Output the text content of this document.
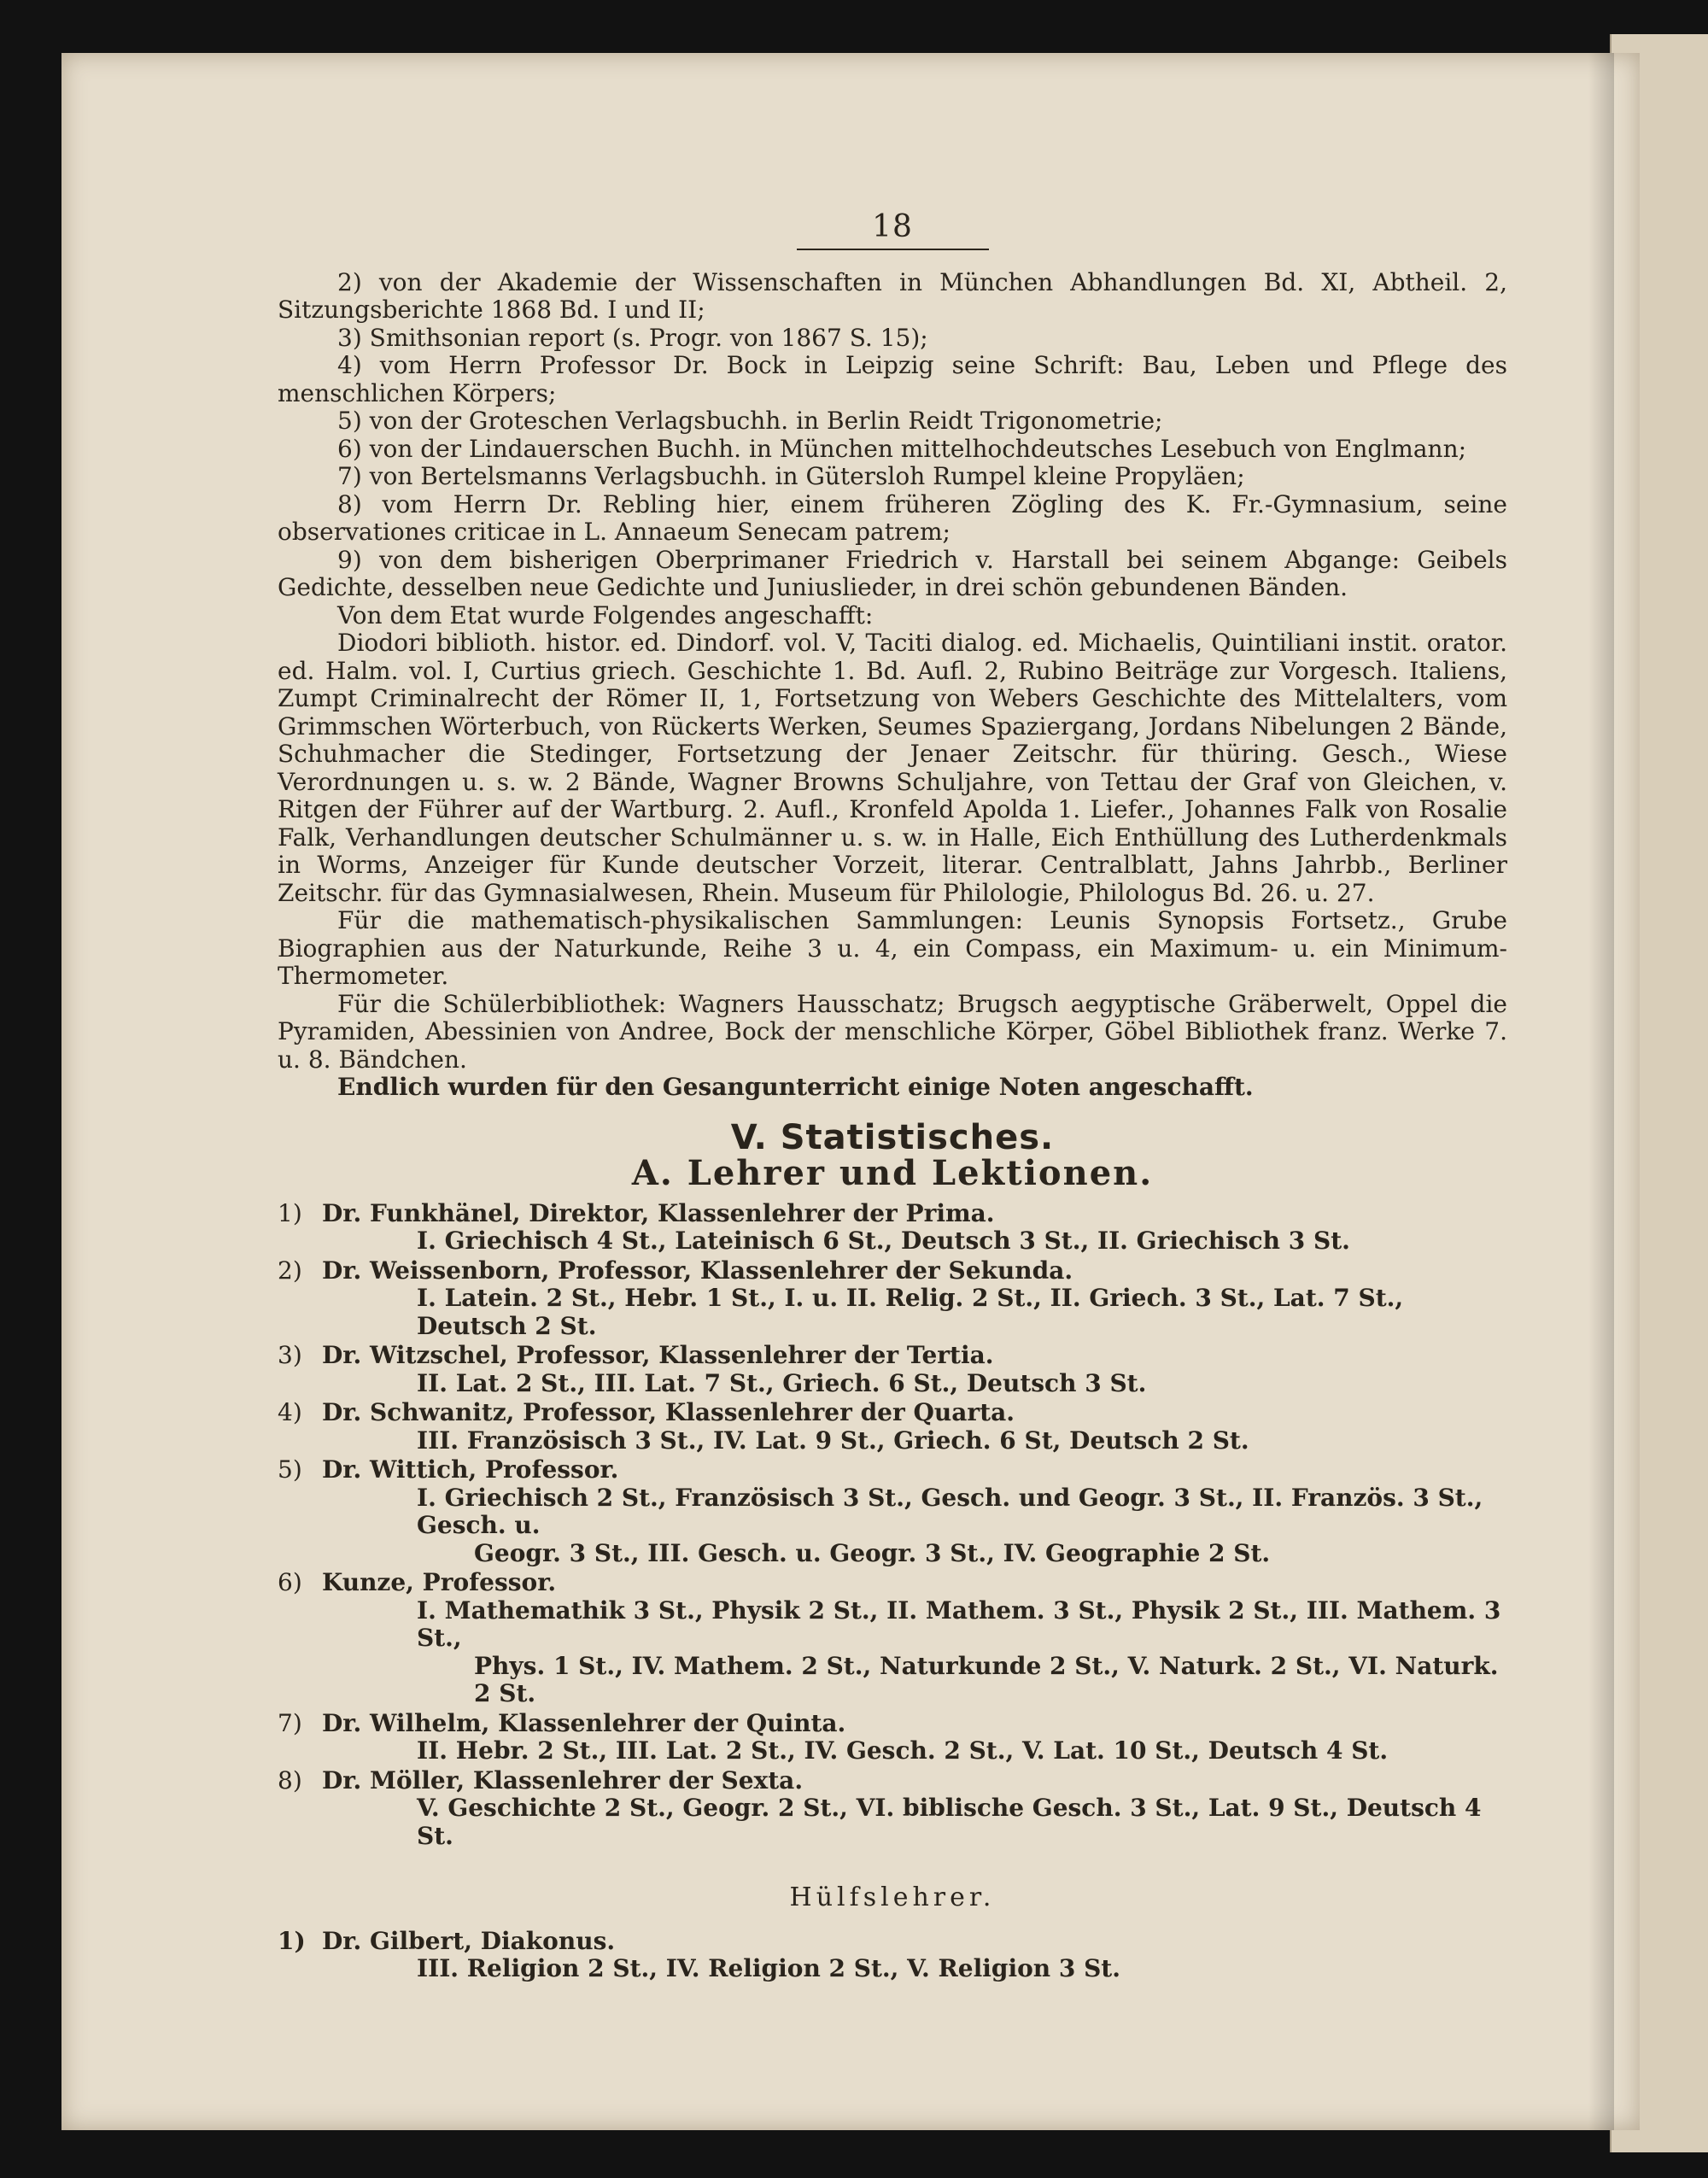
18

2) von der Akademie der Wissenschaften in München Abhandlungen Bd. XI, Abtheil. 2, Sitzungsberichte 1868 Bd. I und II;

3) Smithsonian report (s. Progr. von 1867 S. 15);

4) vom Herrn Professor Dr. Bock in Leipzig seine Schrift: Bau, Leben und Pflege des menschlichen Körpers;

5) von der Groteschen Verlagsbuchh. in Berlin Reidt Trigonometrie;

6) von der Lindauerschen Buchh. in München mittelhochdeutsches Lesebuch von Englmann;

7) von Bertelsmanns Verlagsbuchh. in Gütersloh Rumpel kleine Propyläen;

8) vom Herrn Dr. Rebling hier, einem früheren Zögling des K. Fr.-Gymnasium, seine observationes criticae in L. Annaeum Senecam patrem;

9) von dem bisherigen Oberprimaner Friedrich v. Harstall bei seinem Abgange: Geibels Gedichte, desselben neue Gedichte und Juniuslieder, in drei schön gebundenen Bänden.

Von dem Etat wurde Folgendes angeschafft:

Diodori biblioth. histor. ed. Dindorf. vol. V, Taciti dialog. ed. Michaelis, Quintiliani instit. orator. ed. Halm. vol. I, Curtius griech. Geschichte 1. Bd. Aufl. 2, Rubino Beiträge zur Vorgesch. Italiens, Zumpt Criminalrecht der Römer II, 1, Fortsetzung von Webers Geschichte des Mittelalters, vom Grimmschen Wörterbuch, von Rückerts Werken, Seumes Spaziergang, Jordans Nibelungen 2 Bände, Schuhmacher die Stedinger, Fortsetzung der Jenaer Zeitschr. für thüring. Gesch., Wiese Verordnungen u. s. w. 2 Bände, Wagner Browns Schuljahre, von Tettau der Graf von Gleichen, v. Ritgen der Führer auf der Wartburg. 2. Aufl., Kronfeld Apolda 1. Liefer., Johannes Falk von Rosalie Falk, Verhandlungen deutscher Schulmänner u. s. w. in Halle, Eich Enthüllung des Lutherdenkmals in Worms, Anzeiger für Kunde deutscher Vorzeit, literar. Centralblatt, Jahns Jahrbb., Berliner Zeitschr. für das Gymnasialwesen, Rhein. Museum für Philologie, Philologus Bd. 26. u. 27.

Für die mathematisch-physikalischen Sammlungen: Leunis Synopsis Fortsetz., Grube Biographien aus der Naturkunde, Reihe 3 u. 4, ein Compass, ein Maximum- u. ein Minimum-Thermometer.

Für die Schülerbibliothek: Wagners Hausschatz; Brugsch aegyptische Gräberwelt, Oppel die Pyramiden, Abessinien von Andree, Bock der menschliche Körper, Göbel Bibliothek franz. Werke 7. u. 8. Bändchen.

Endlich wurden für den Gesangunterricht einige Noten angeschafft.

V. Statistisches.
A. Lehrer und Lektionen.
1) Dr. Funkhänel, Direktor, Klassenlehrer der Prima.
I. Griechisch 4 St., Lateinisch 6 St., Deutsch 3 St., II. Griechisch 3 St.
2) Dr. Weissenborn, Professor, Klassenlehrer der Sekunda.
I. Latein. 2 St., Hebr. 1 St., I. u. II. Relig. 2 St., II. Griech. 3 St., Lat. 7 St., Deutsch 2 St.
3) Dr. Witzschel, Professor, Klassenlehrer der Tertia.
II. Lat. 2 St., III. Lat. 7 St., Griech. 6 St., Deutsch 3 St.
4) Dr. Schwanitz, Professor, Klassenlehrer der Quarta.
III. Französisch 3 St., IV. Lat. 9 St., Griech. 6 St, Deutsch 2 St.
5) Dr. Wittich, Professor.
I. Griechisch 2 St., Französisch 3 St., Gesch. und Geogr. 3 St., II. Französ. 3 St., Gesch. u.
Geogr. 3 St., III. Gesch. u. Geogr. 3 St., IV. Geographie 2 St.
6) Kunze, Professor.
I. Mathemathik 3 St., Physik 2 St., II. Mathem. 3 St., Physik 2 St., III. Mathem. 3 St.,
Phys. 1 St., IV. Mathem. 2 St., Naturkunde 2 St., V. Naturk. 2 St., VI. Naturk. 2 St.
7) Dr. Wilhelm, Klassenlehrer der Quinta.
II. Hebr. 2 St., III. Lat. 2 St., IV. Gesch. 2 St., V. Lat. 10 St., Deutsch 4 St.
8) Dr. Möller, Klassenlehrer der Sexta.
V. Geschichte 2 St., Geogr. 2 St., VI. biblische Gesch. 3 St., Lat. 9 St., Deutsch 4 St.
Hülfslehrer.
1) Dr. Gilbert, Diakonus.
III. Religion 2 St., IV. Religion 2 St., V. Religion 3 St.
